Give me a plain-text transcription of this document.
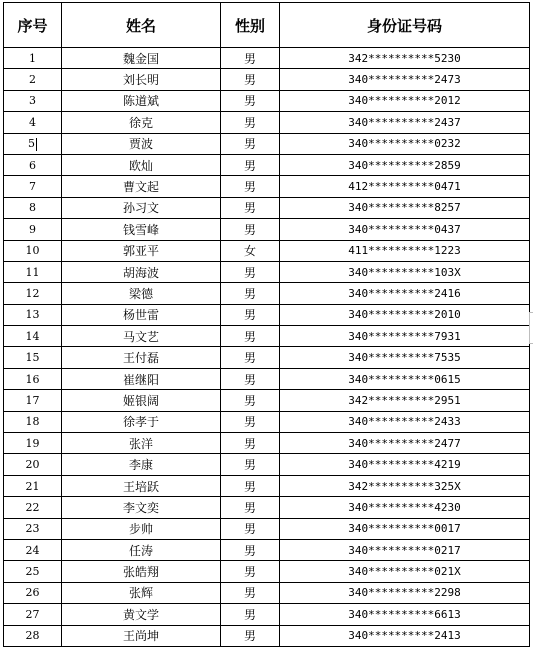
序号	姓名	性别	身份证号码
1	魏金国	男	342**********5230
2	刘长明	男	340**********2473
3	陈道斌	男	340**********2012
4	徐克	男	340**********2437
5	贾波	男	340**********0232
6	欧灿	男	340**********2859
7	曹文起	男	412**********0471
8	孙习文	男	340**********8257
9	钱雪峰	男	340**********0437
10	郭亚平	女	411**********1223
11	胡海波	男	340**********103X
12	梁德	男	340**********2416
13	杨世雷	男	340**********2010
14	马文艺	男	340**********7931
15	王付磊	男	340**********7535
16	崔继阳	男	340**********0615
17	姬银阔	男	342**********2951
18	徐孝于	男	340**********2433
19	张洋	男	340**********2477
20	李康	男	340**********4219
21	王培跃	男	342**********325X
22	李文奕	男	340**********4230
23	步帅	男	340**********0017
24	任涛	男	340**********0217
25	张皓翔	男	340**********021X
26	张辉	男	340**********2298
27	黄文学	男	340**********6613
28	王尚坤	男	340**********2413
